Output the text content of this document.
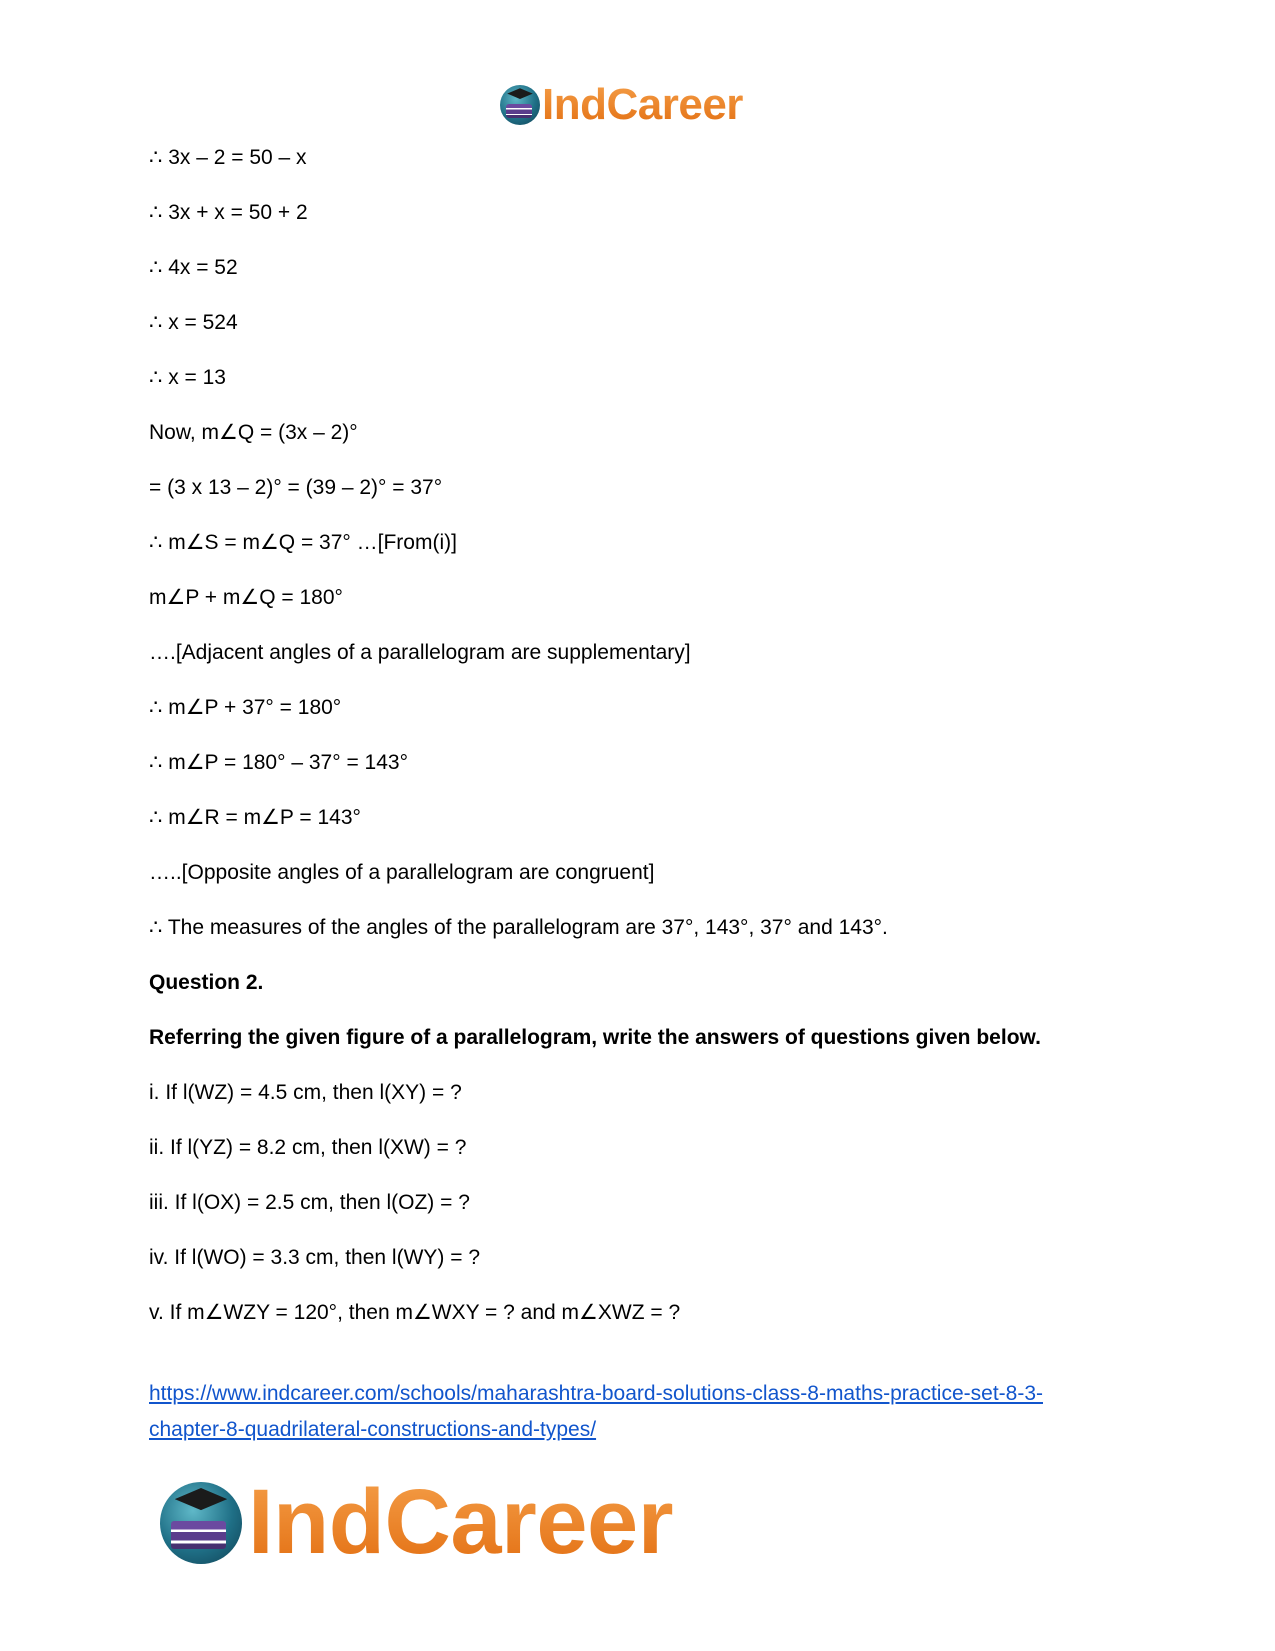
IndCareer
∴ 3x – 2 = 50 – x
∴ 3x + x = 50 + 2
∴ 4x = 52
∴ x = 524
∴ x = 13
Now, m∠Q = (3x – 2)°
= (3 x 13 – 2)° = (39 – 2)° = 37°
∴ m∠S = m∠Q = 37° …[From(i)]
m∠P + m∠Q = 180°
….[Adjacent angles of a parallelogram are supplementary]
∴ m∠P + 37° = 180°
∴ m∠P = 180° – 37° = 143°
∴ m∠R = m∠P = 143°
…..[Opposite angles of a parallelogram are congruent]
∴ The measures of the angles of the parallelogram are 37°, 143°, 37° and 143°.
Question 2.
Referring the given figure of a parallelogram, write the answers of questions given below.
i. If l(WZ) = 4.5 cm, then l(XY) = ?
ii. If l(YZ) = 8.2 cm, then l(XW) = ?
iii. If l(OX) = 2.5 cm, then l(OZ) = ?
iv. If l(WO) = 3.3 cm, then l(WY) = ?
v. If m∠WZY = 120°, then m∠WXY = ? and m∠XWZ = ?
https://www.indcareer.com/schools/maharashtra-board-solutions-class-8-maths-practice-set-8-3-
chapter-8-quadrilateral-constructions-and-types/
IndCareer
